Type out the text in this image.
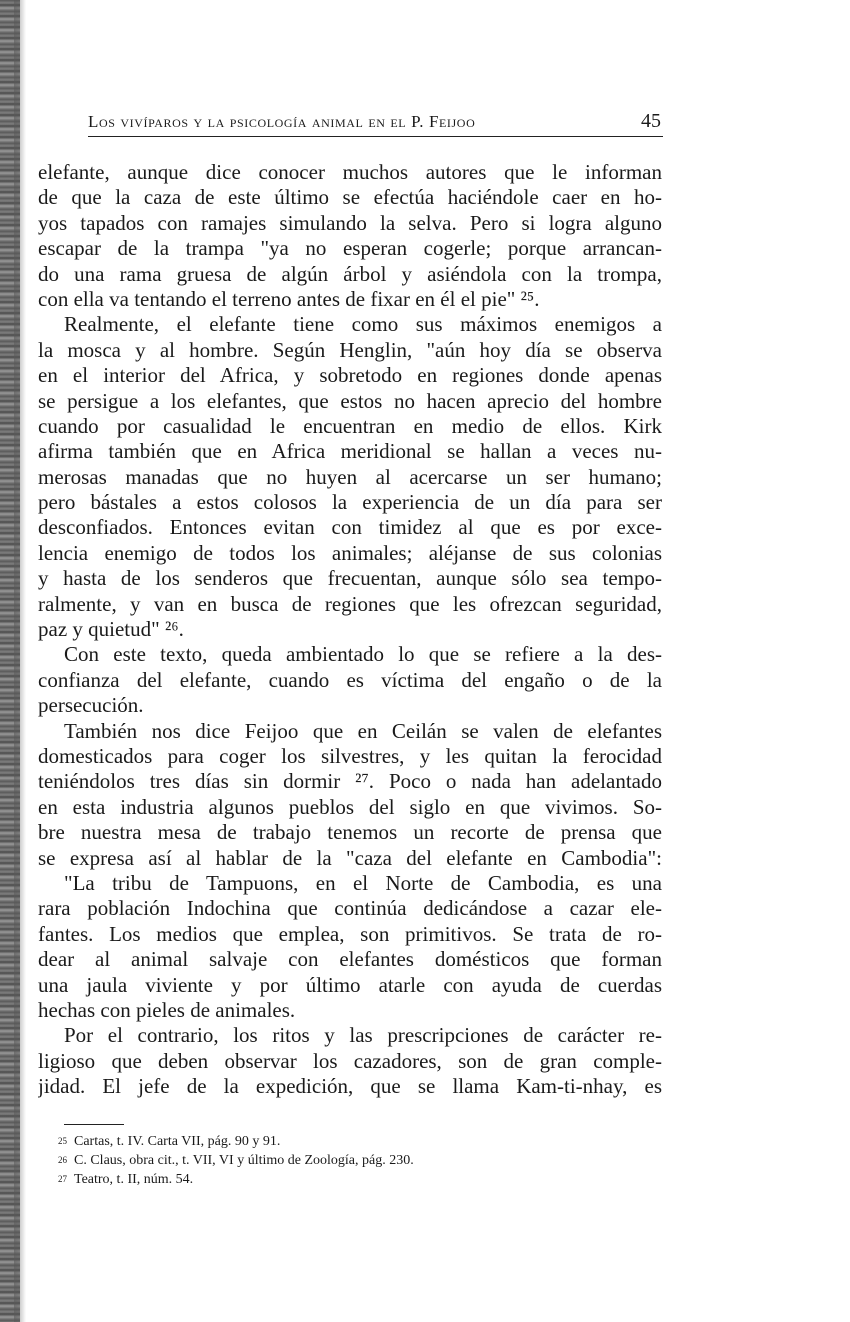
Los vivíparos y la psicología animal en el P. Feijoo	45
elefante, aunque dice conocer muchos autores que le informan
de que la caza de este último se efectúa haciéndole caer en ho-
yos tapados con ramajes simulando la selva. Pero si logra alguno
escapar de la trampa "ya no esperan cogerle; porque arrancan-
do una rama gruesa de algún árbol y asiéndola con la trompa,
con ella va tentando el terreno antes de fixar en él el pie" ²⁵.
Realmente, el elefante tiene como sus máximos enemigos a
la mosca y al hombre. Según Henglin, "aún hoy día se observa
en el interior del Africa, y sobretodo en regiones donde apenas
se persigue a los elefantes, que estos no hacen aprecio del hombre
cuando por casualidad le encuentran en medio de ellos. Kirk
afirma también que en Africa meridional se hallan a veces nu-
merosas manadas que no huyen al acercarse un ser humano;
pero bástales a estos colosos la experiencia de un día para ser
desconfiados. Entonces evitan con timidez al que es por exce-
lencia enemigo de todos los animales; aléjanse de sus colonias
y hasta de los senderos que frecuentan, aunque sólo sea tempo-
ralmente, y van en busca de regiones que les ofrezcan seguridad,
paz y quietud" ²⁶.
Con este texto, queda ambientado lo que se refiere a la des-
confianza del elefante, cuando es víctima del engaño o de la
persecución.
También nos dice Feijoo que en Ceilán se valen de elefantes
domesticados para coger los silvestres, y les quitan la ferocidad
teniéndolos tres días sin dormir ²⁷. Poco o nada han adelantado
en esta industria algunos pueblos del siglo en que vivimos. So-
bre nuestra mesa de trabajo tenemos un recorte de prensa que
se expresa así al hablar de la "caza del elefante en Cambodia":
"La tribu de Tampuons, en el Norte de Cambodia, es una
rara población Indochina que continúa dedicándose a cazar ele-
fantes. Los medios que emplea, son primitivos. Se trata de ro-
dear al animal salvaje con elefantes domésticos que forman
una jaula viviente y por último atarle con ayuda de cuerdas
hechas con pieles de animales.
Por el contrario, los ritos y las prescripciones de carácter re-
ligioso que deben observar los cazadores, son de gran comple-
jidad. El jefe de la expedición, que se llama Kam-ti-nhay, es
25 Cartas, t. IV. Carta VII, pág. 90 y 91.
26 C. Claus, obra cit., t. VII, VI y último de Zoología, pág. 230.
27 Teatro, t. II, núm. 54.
